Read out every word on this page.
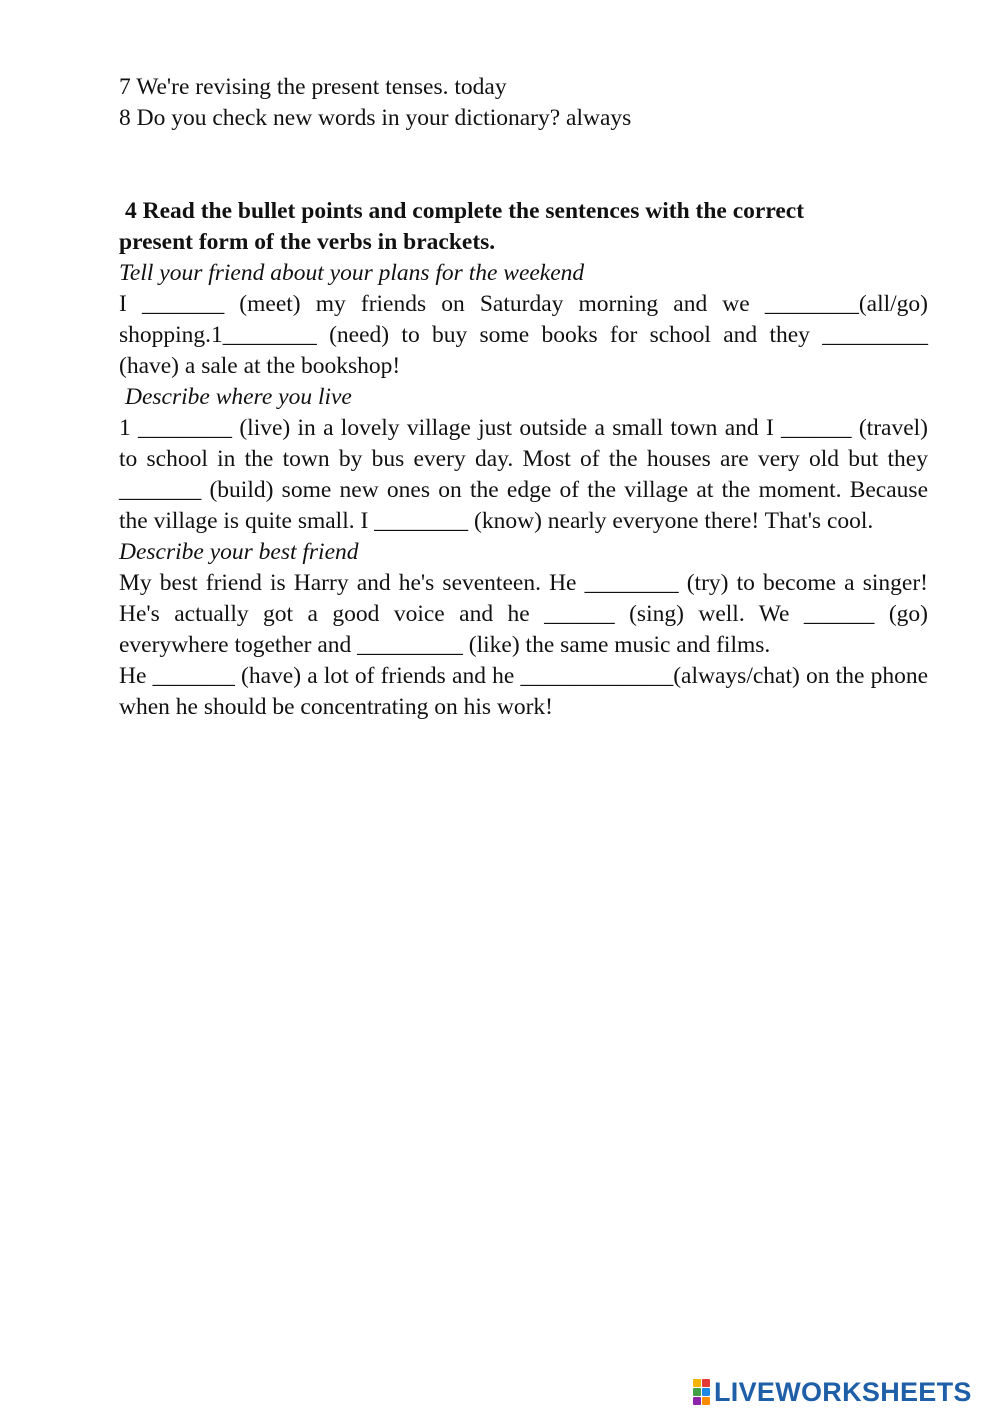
7 We're revising the present tenses. today

8 Do you check new words in your dictionary? always

4 Read the bullet points and complete the sentences with the correct

present form of the verbs in brackets.

Tell your friend about your plans for the weekend

I _______ (meet) my friends on Saturday morning and we ________(all/go) shopping.1________ (need) to buy some books for school and they _________ (have) a sale at the bookshop!

Describe where you live

1 ________ (live) in a lovely village just outside a small town and I ______ (travel) to school in the town by bus every day. Most of the houses are very old but they _______ (build) some new ones on the edge of the village at the moment. Because the village is quite small. I ________ (know) nearly everyone there! That's cool.

Describe your best friend

My best friend is Harry and he's seventeen. He ________ (try) to become a singer! He's actually got a good voice and he ______ (sing) well. We ______ (go) everywhere together and _________ (like) the same music and films.

He _______ (have) a lot of friends and he _____________(always/chat) on the phone when he should be concentrating on his work!

LIVEWORKSHEETS
